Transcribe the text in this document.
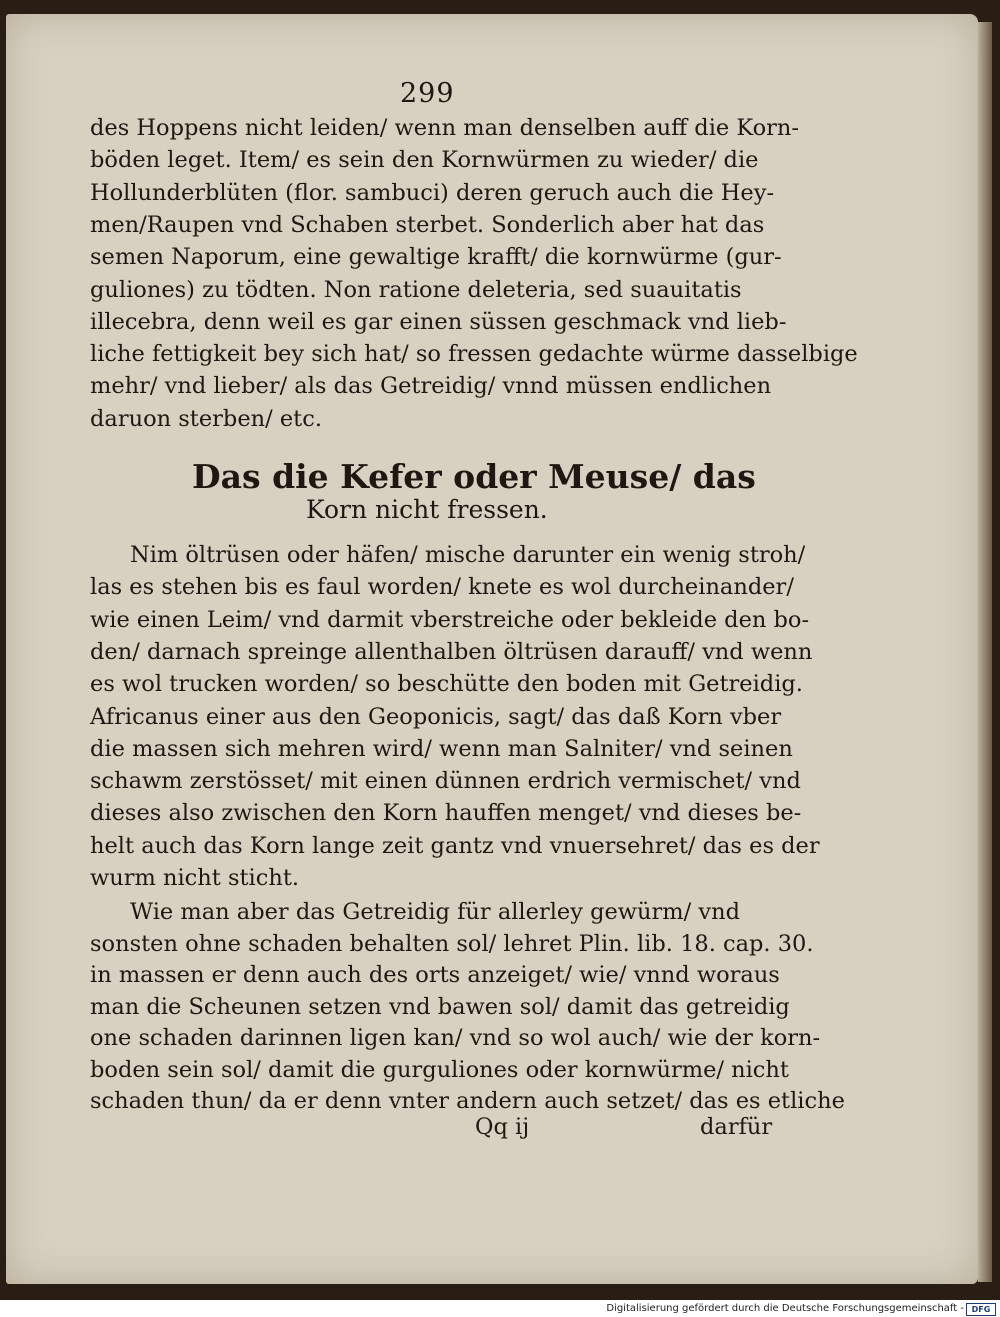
299
des Hoppens nicht leiden/ wenn man denselben auff die Korn-
böden leget. Item/ es sein den Kornwürmen zu wieder/ die
Hollunderblüten (flor. sambuci) deren geruch auch die Hey-
men/Raupen vnd Schaben sterbet. Sonderlich aber hat das
semen Naporum, eine gewaltige krafft/ die kornwürme (gur-
guliones) zu tödten. Non ratione deleteria, sed suauitatis
illecebra, denn weil es gar einen süssen geschmack vnd lieb-
liche fettigkeit bey sich hat/ so fressen gedachte würme dasselbige
mehr/ vnd lieber/ als das Getreidig/ vnnd müssen endlichen
daruon sterben/ etc.
Das die Kefer oder Meuse/ das
Korn nicht fressen.
Nim öltrüsen oder häfen/ mische darunter ein wenig stroh/
las es stehen bis es faul worden/ knete es wol durcheinander/
wie einen Leim/ vnd darmit vberstreiche oder bekleide den bo-
den/ darnach spreinge allenthalben öltrüsen darauff/ vnd wenn
es wol trucken worden/ so beschütte den boden mit Getreidig.
Africanus einer aus den Geoponicis, sagt/ das daß Korn vber
die massen sich mehren wird/ wenn man Salniter/ vnd seinen
schawm zerstösset/ mit einen dünnen erdrich vermischet/ vnd
dieses also zwischen den Korn hauffen menget/ vnd dieses be-
helt auch das Korn lange zeit gantz vnd vnuersehret/ das es der
wurm nicht sticht.
Wie man aber das Getreidig für allerley gewürm/ vnd
sonsten ohne schaden behalten sol/ lehret Plin. lib. 18. cap. 30.
in massen er denn auch des orts anzeiget/ wie/ vnnd woraus
man die Scheunen setzen vnd bawen sol/ damit das getreidig
one schaden darinnen ligen kan/ vnd so wol auch/ wie der korn-
boden sein sol/ damit die gurguliones oder kornwürme/ nicht
schaden thun/ da er denn vnter andern auch setzet/ das es etliche
Qq ij	darfür
Digitalisierung gefördert durch die Deutsche Forschungsgemeinschaft - DFG
